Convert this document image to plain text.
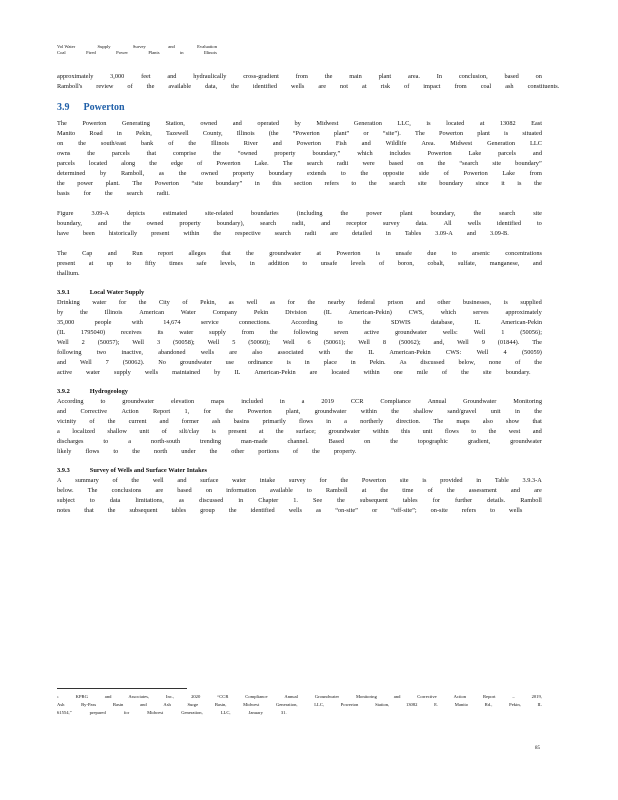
Vol Water	Supply	Survey	and	Evaluation
Coal	Fired	Power	Plants	in	Illinois
approximately	3,000	feet	and	hydraulically	cross-gradient	from	the	main	plant	area.	In	conclusion,	based	on
Ramboll's review of the available data, the identified wells are not at risk of impact from coal ash constituents.
3.9 Powerton
The Powerton Generating Station, owned and operated by Midwest Generation LLC, is located at 13082 East
Manito Road in Pekin, Tazewell County, Illinois (the “Powerton plant” or “site”). The Powerton plant is situated
on the south/east bank of the Illinois River and Powerton Fish and Wildlife Area. Midwest Generation LLC
owns	the	parcels	that	comprise	the	“owned	property	boundary,”	which	includes	Powerton	Lake	parcels	and
parcels located along the edge of Powerton Lake. The search radii were based on the “search site boundary”
determined by Ramboll, as the owned property boundary extends to the opposite side of Powerton Lake from
the power plant. The Powerton “site boundary” in this section refers to the search site boundary since it is the
basis for the search radii.
Figure	3.09-A	depicts	estimated	site-related	boundaries	(including	the	power	plant	boundary,	the	search	site
boundary,	and	the	owned	property	boundary),	search	radii,	and	receptor	survey	data.	All	wells	identified	to
have been historically present within the respective search radii are detailed in Tables 3.09-A and 3.09-B.
The Cap and Run report alleges that the groundwater at Powerton is unsafe due to arsenic concentrations
present at up to fifty times safe levels, in addition to unsafe levels of boron, cobalt, sulfate, manganese, and
thallium.
3.9.1	Local Water Supply
Drinking water for the City of Pekin, as well as for the nearby federal prison and other businesses, is supplied
by	the	Illinois	American	Water	Company	Pekin	Division	(IL	American-Pekin)	CWS,	which	serves	approximately
35,000	people	with	14,674	service	connections.	According	to	the	SDWIS	database,	IL	American-Pekin
(IL	1795040)	receives	its	water	supply	from	the	following	seven	active	groundwater	wells:	Well	1	(50056);
Well 2 (50057); Well 3 (50058); Well 5 (50060); Well 6 (50061); Well 8 (50062); and, Well 9 (01844). The
following two inactive, abandoned wells are also associated with the IL American-Pekin CWS: Well 4 (50059)
and Well 7 (50062). No groundwater use ordinance is in place in Pekin. As discussed below, none of the
active water supply wells maintained by IL American-Pekin are located within one mile of the site boundary.
3.9.2	Hydrogeology
According	to	groundwater	elevation	maps	included	in	a	2019	CCR	Compliance	Annual	Groundwater	Monitoring
and Corrective Action Report 1, for the Powerton plant, groundwater within the shallow sand/gravel unit in the
vicinity of the current and former ash basins primarily flows in a northerly direction. The maps also show that
a localized shallow unit of silt/clay is present at the surface; groundwater within this unit flows to the west and
discharges	to	a	north-south	trending	man-made	channel.	Based	on	the	topographic	gradient,	groundwater
likely flows to the north under the other portions of the property.
3.9.3	Survey of Wells and Surface Water Intakes
A summary of the well and surface water intake survey for the Powerton site is provided in Table 3.9.3-A
below. The conclusions are based on information available to Ramboll at the time of the assessment and are
subject to data limitations, as discussed in Chapter 1. See the subsequent tables for further details. Ramboll
notes that the subsequent tables group the identified wells as “on-site” or “off-site”; on-site refers to wells
1	KPRG	and	Associates,	Inc.,	2020	“CCR	Compliance	Annual	Groundwater	Monitoring	and	Corrective	Action	Report	–	2019,
Ash	By-Pass	Basin	and	Ash	Surge	Basin,	Midwest	Generation,	LLC,	Powerton	Station,	13082	E.	Manito	Rd.,	Pekin,	IL
61554,”	prepared	for	Midwest	Generation,	LLC,	January	31.
85
